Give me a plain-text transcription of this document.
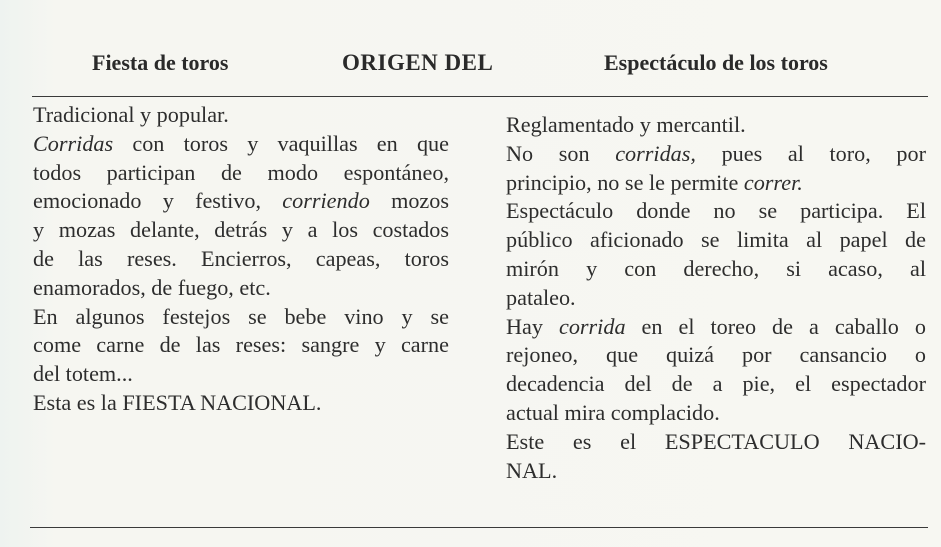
Fiesta de toros	ORIGEN DEL	Espectáculo de los toros
Tradicional y popular.
Corridas con toros y vaquillas en que
todos participan de modo espontáneo,
emocionado y festivo, corriendo mozos
y mozas delante, detrás y a los costados
de las reses. Encierros, capeas, toros
enamorados, de fuego, etc.
En algunos festejos se bebe vino y se
come carne de las reses: sangre y carne
del totem...
Esta es la FIESTA NACIONAL.
Reglamentado y mercantil.
No son corridas, pues al toro, por
principio, no se le permite correr.
Espectáculo donde no se participa. El
público aficionado se limita al papel de
mirón y con derecho, si acaso, al
pataleo.
Hay corrida en el toreo de a caballo o
rejoneo, que quizá por cansancio o
decadencia del de a pie, el espectador
actual mira complacido.
Este es el ESPECTACULO NACIO-
NAL.
